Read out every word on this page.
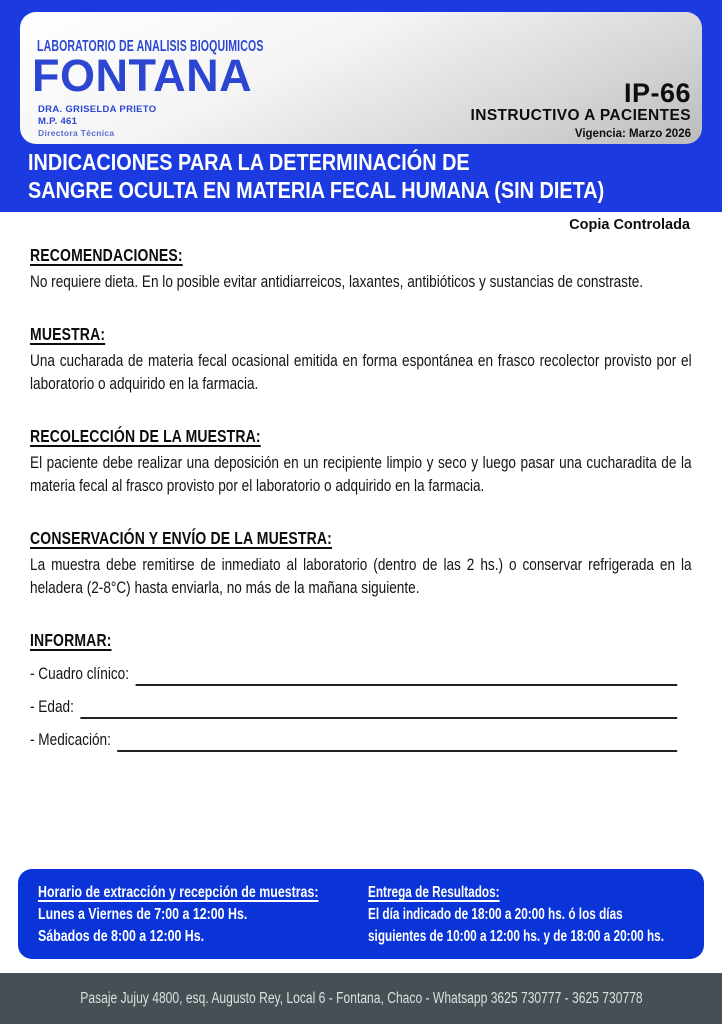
LABORATORIO DE ANALISIS BIOQUIMICOS
FONTANA
DRA. GRISELDA PRIETO
M.P. 461
Directora Técnica
IP-66
INSTRUCTIVO A PACIENTES
Vigencia: Marzo 2026
INDICACIONES PARA LA DETERMINACIÓN DE
SANGRE OCULTA EN MATERIA FECAL HUMANA (SIN DIETA)
Copia Controlada
RECOMENDACIONES:

No requiere dieta. En lo posible evitar antidiarreicos, laxantes, antibióticos y sustancias de constraste.

MUESTRA:

Una cucharada de materia fecal ocasional emitida en forma espontánea en frasco recolector provisto por el laboratorio o adquirido en la farmacia.

RECOLECCIÓN DE LA MUESTRA:

El paciente debe realizar una deposición en un recipiente limpio y seco y luego pasar una cucharadita de la materia fecal al frasco provisto por el laboratorio o adquirido en la farmacia.

CONSERVACIÓN Y ENVÍO DE LA MUESTRA:

La muestra debe remitirse de inmediato al laboratorio (dentro de las 2 hs.) o conservar refrigerada en la heladera (2-8°C) hasta enviarla, no más de la mañana siguiente.

INFORMAR:
- Cuadro clínico:
- Edad:
- Medicación:
Horario de extracción y recepción de muestras:
Lunes a Viernes de 7:00 a 12:00 Hs.
Sábados de 8:00 a 12:00 Hs.
Entrega de Resultados:
El día indicado de 18:00 a 20:00 hs. ó los días
siguientes de 10:00 a 12:00 hs. y de 18:00 a 20:00 hs.
Pasaje Jujuy 4800, esq. Augusto Rey, Local 6 - Fontana, Chaco - Whatsapp 3625 730777 - 3625 730778
